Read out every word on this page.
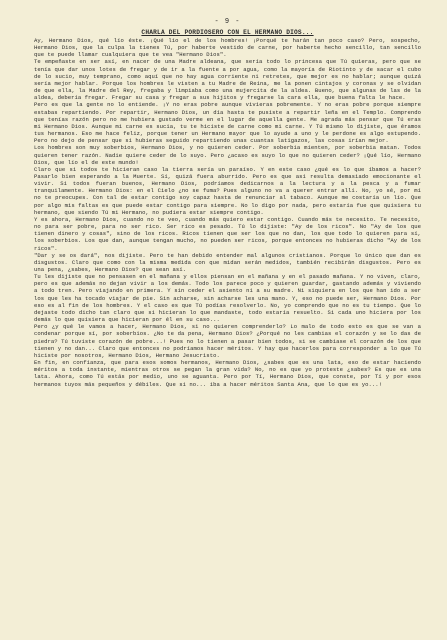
- 9 -
CHARLA DEL PORDIOSERO CON EL HERMANO DIOS...
Ay, Hermano Dios, qué lío éste. ¡Qué lío el de los hombres! ¡Porqué te harán tan poco caso? Pero, sospecho, Hermano Dios, que la culpa la tienes Tú, por haberte vestido de carne, por haberte hecho sencillo, tan sencillo que te puede llamar cualquiera que te vea "Hermano Dios".
Te empeñaste en ser así, en nacer de una Madre aldeana, que sería todo lo princesa que Tú quieras, pero que se tenía que dar unos lotes de fregar y de ir a la fuente a por agua, como la mayoría de Riotinto y de sacar el cubo de lo sucio, muy temprano, como aquí que no hay agua corriente ni retretes, que mejor es no hablar; aunque quizá sería mejor hablar. Porque los hombres le visten a tu Madre de Reina, me la ponen cintajos y coronas y se olvidan de que ella, la Madre del Rey, fregaba y limpiaba como una mujercita de la aldea. Bueno, que algunas de las de la aldea, debería fregar. Fregar su casa y fregar a sus hijitos y fregarse la cara ella, que buena falta le hace.
Pero es que la gente no lo entiende. ¡Y no eras pobre aunque vivieras pobremente. Y no eras pobre porque siempre estabas repartiendo. Por repartir, Hermano Dios, un día hasta te pusiste a repartir leña en el Templo. Comprendo que tenías razón pero no me hubiera gustado verme en el lugar de aquella gente. Me agrada más pensar que Tú eras mi Hermano Dios. Aunque mi carne es sucia, tu te hiciste de carne como mi carne. Y Tú mismo lo dijiste, que éramos tus hermanos. Eso me hace feliz, porque tener un Hermano mayor que lo ayude a uno y le perdone es algo estupendo. Pero no dejo de pensar que si hubieras seguido repartiendo unas cuantas latigazos, las cosas irían mejor.
Los hombres son muy soberbios, Hermano Dios, y no quieren ceder. Por soberbia mienten, por soberbia matan. Todos quieren tener razón. Nadie quiere ceder de lo suyo. Pero ¿acaso es suyo lo que no quieren ceder? ¡Qué lío, Hermano Dios, que lío el de este mundo!
Claro que si todos te hicieran caso la tierra sería un paraíso. Y en este caso ¿qué es lo que íbamos a hacer? Pasarlo bien esperando a la Muerte. Sí, quizá fuera aburrido. Pero es que así resulta demasiado emocionante el vivir. Si todos fueran buenos, Hermano Dios, podríamos dedicarnos a la lectura y a la pesca y a fumar tranquilamente. Hermano Dios: en el Cielo ¿no se fuma? Pues alguno no va a querer entrar allí. No, yo sé, por mí no te preocupes. Con tal de estar contigo soy capaz hasta de renunciar al tabaco. Aunque me costaría un lío. Que por algo mis faltas es que puede estar contigo para siempre. No lo digo por nada, pero estaría fue que quisiera tu hermano, que siendo Tú mi Hermano, no pudiera estar siempre contigo.
Y es ahora, Hermano Dios, cuando no te veo, cuando más quiero estar contigo. Cuando más te necesito. Te necesito, no para ser pobre, para no ser rico. Ser rico es pesado. Tú lo dijiste: "Ay de los ricos". No "Ay de los que tienen dinero y cosas", sino de los ricos. Ricos tienen que ser los que no dan, los que todo lo quieren para sí, los soberbios. Los que dan, aunque tengan mucho, no pueden ser ricos, porque entonces no hubieras dicho "Ay de los ricos".
"Dar y se os dará", nos dijiste. Pero te han debido entender mal algunos cristianos. Porque lo único que dan es disgustos. Claro que como con la misma medida con que midan serán medidos, también recibirán disgustos. Pero es una pena, ¿sabes, Hermano Dios? que sean así.
Tu les dijiste que no pensasen en el mañana y ellos piensan en el mañana y en el pasado mañana. Y no viven, claro, pero es que además no dejan vivir a los demás. Todo los parece poco y quieren guardar, gastando además y viviendo a todo tren. Pero viajando en primera. Y sin ceder el asiento ni a su madre. Ni siquiera en los que han ido a ser los que les ha tocado viajar de pie. Sin acharse, sin acharse les una mano. Y, eso no puede ser, Hermano Dios. Por eso es al fin de los hombres. Y el caso es que Tú podías resolverlo. No, yo comprendo que no es tu tiempo. Que lo dejaste todo dicho tan claro que si hicieran lo que mandaste, todo estaría resuelto. Si cada uno hiciera por los demás lo que quisiera que hicieran por él en su caso...
Pero ¿y qué le vamos a hacer, Hermano Dios, si no quieren comprenderlo? Lo malo de todo esto es que se van a condenar porque sí, por soberbios. ¿No te da pena, Hermano Dios? ¿Porqué no les cambias el corazón y se lo das de piedra? Tú tuviste corazón de pobre...! Pues no lo tienen a pasar bien todos, si se cambiase el corazón de los que tienen y no dan... Claro que entonces no podríamos hacer méritos. Y hay que hacerlos para corresponder a lo que Tú hiciste por nosotros, Hermano Dios, Hermano Jesucristo.
En fin, en confianza, que para esos somos hermanos, Hermano Dios, ¿sabes que es una lata, eso de estar haciendo méritos a toda instante, mientras otros se pegan la gran vida? No, no es que yo proteste ¿sabes? Es que es una lata. Ahora, como Tú estás por medio, uno se aguanta. Pero por Tí, Hermano Dios, que conste, por Tí y por esos hermanos tuyos más pequeños y débiles. Que si no... iba a hacer méritos Santa Ana, que lo que es yo...!
